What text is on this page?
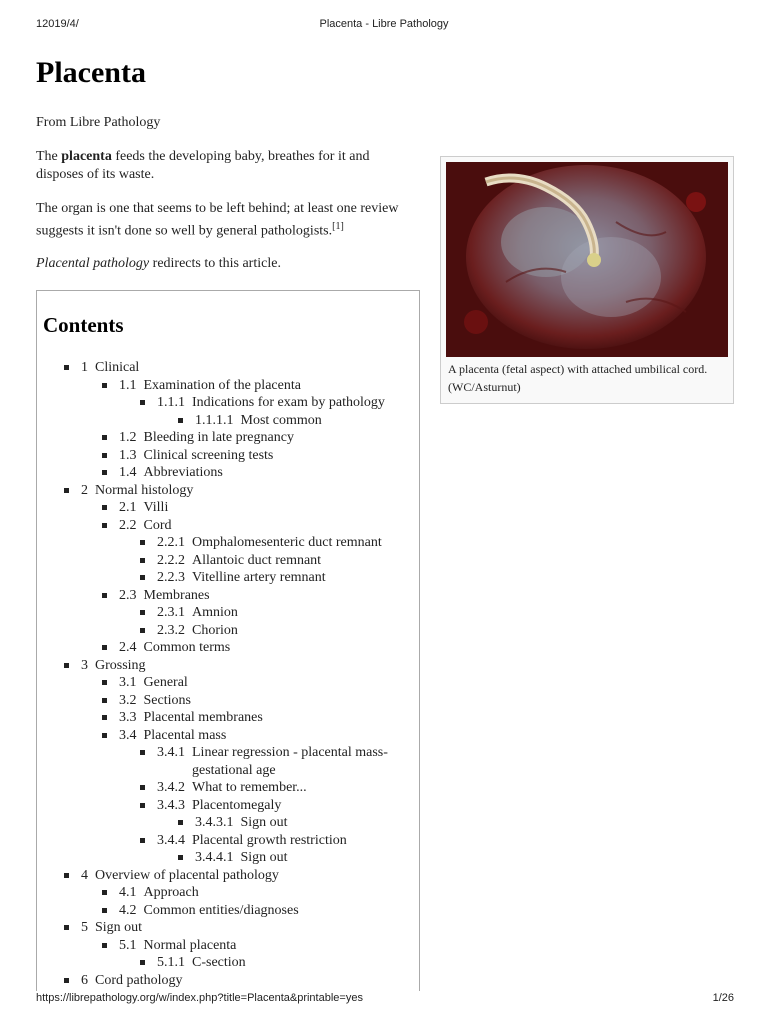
12019/4/	Placenta - Libre Pathology
Placenta

From Libre Pathology

The placenta feeds the developing baby, breathes for it and disposes of its waste.

The organ is one that seems to be left behind; at least one review suggests it isn't done so well by general pathologists.[1]

Placental pathology redirects to this article.

A placenta (fetal aspect) with attached umbilical cord. (WC/Asturnut)
Contents
1 Clinical
1.1 Examination of the placenta
1.1.1 Indications for exam by pathology
1.1.1.1 Most common
1.2 Bleeding in late pregnancy
1.3 Clinical screening tests
1.4 Abbreviations
2 Normal histology
2.1 Villi
2.2 Cord
2.2.1 Omphalomesenteric duct remnant
2.2.2 Allantoic duct remnant
2.2.3 Vitelline artery remnant
2.3 Membranes
2.3.1 Amnion
2.3.2 Chorion
2.4 Common terms
3 Grossing
3.1 General
3.2 Sections
3.3 Placental membranes
3.4 Placental mass
3.4.1 Linear regression - placental mass-gestational age
3.4.2 What to remember...
3.4.3 Placentomegaly
3.4.3.1 Sign out
3.4.4 Placental growth restriction
3.4.4.1 Sign out
4 Overview of placental pathology
4.1 Approach
4.2 Common entities/diagnoses
5 Sign out
5.1 Normal placenta
5.1.1 C-section
6 Cord pathology
https://librepathology.org/w/index.php?title=Placenta&printable=yes	1/26
